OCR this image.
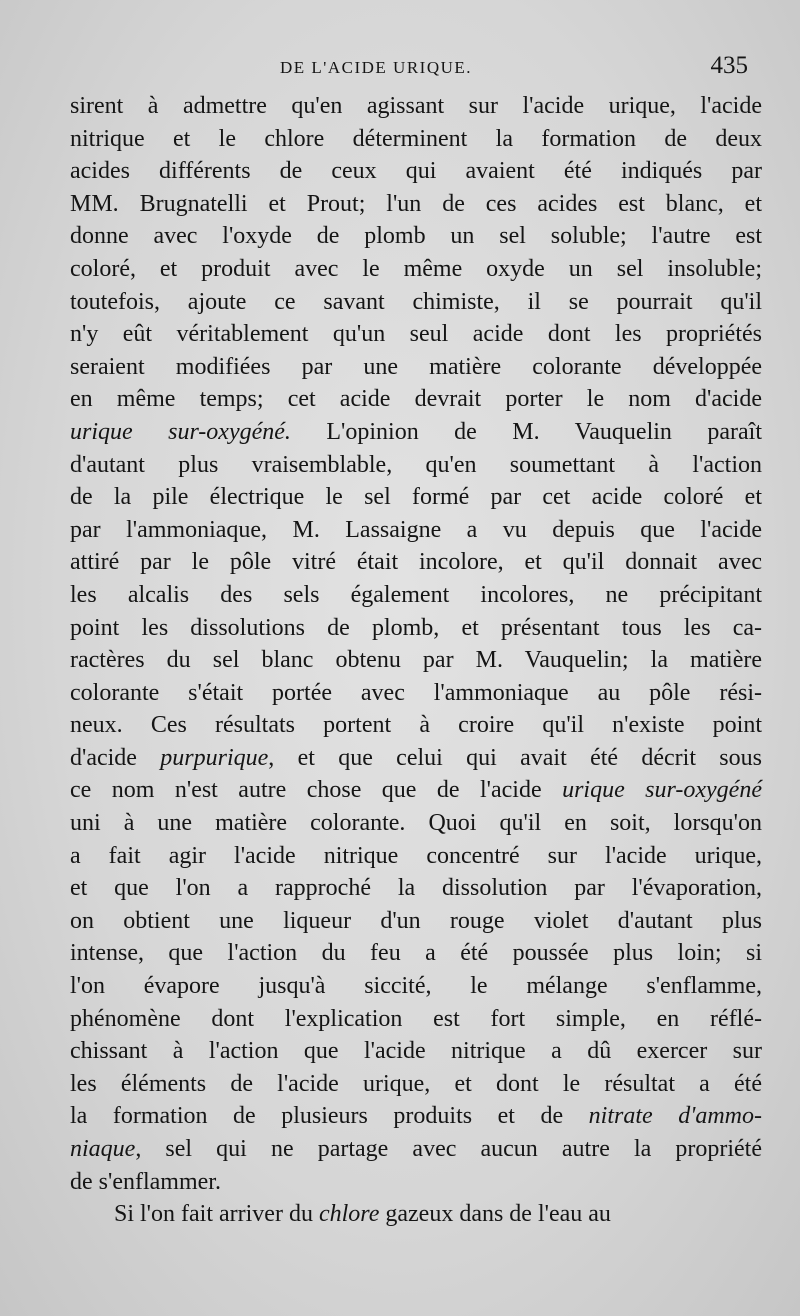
DE L'ACIDE URIQUE.	435
sirent à admettre qu'en agissant sur l'acide urique, l'acide
nitrique et le chlore déterminent la formation de deux
acides différents de ceux qui avaient été indiqués par
MM. Brugnatelli et Prout; l'un de ces acides est blanc, et
donne avec l'oxyde de plomb un sel soluble; l'autre est
coloré, et produit avec le même oxyde un sel insoluble;
toutefois, ajoute ce savant chimiste, il se pourrait qu'il
n'y eût véritablement qu'un seul acide dont les propriétés
seraient modifiées par une matière colorante développée
en même temps; cet acide devrait porter le nom d'acide
urique sur-oxygéné. L'opinion de M. Vauquelin paraît
d'autant plus vraisemblable, qu'en soumettant à l'action
de la pile électrique le sel formé par cet acide coloré et
par l'ammoniaque, M. Lassaigne a vu depuis que l'acide
attiré par le pôle vitré était incolore, et qu'il donnait avec
les alcalis des sels également incolores, ne précipitant
point les dissolutions de plomb, et présentant tous les ca-
ractères du sel blanc obtenu par M. Vauquelin; la matière
colorante s'était portée avec l'ammoniaque au pôle rési-
neux. Ces résultats portent à croire qu'il n'existe point
d'acide purpurique, et que celui qui avait été décrit sous
ce nom n'est autre chose que de l'acide urique sur-oxygéné
uni à une matière colorante. Quoi qu'il en soit, lorsqu'on
a fait agir l'acide nitrique concentré sur l'acide urique,
et que l'on a rapproché la dissolution par l'évaporation,
on obtient une liqueur d'un rouge violet d'autant plus
intense, que l'action du feu a été poussée plus loin; si
l'on évapore jusqu'à siccité, le mélange s'enflamme,
phénomène dont l'explication est fort simple, en réflé-
chissant à l'action que l'acide nitrique a dû exercer sur
les éléments de l'acide urique, et dont le résultat a été
la formation de plusieurs produits et de nitrate d'ammo-
niaque, sel qui ne partage avec aucun autre la propriété
de s'enflammer.
Si l'on fait arriver du chlore gazeux dans de l'eau au
